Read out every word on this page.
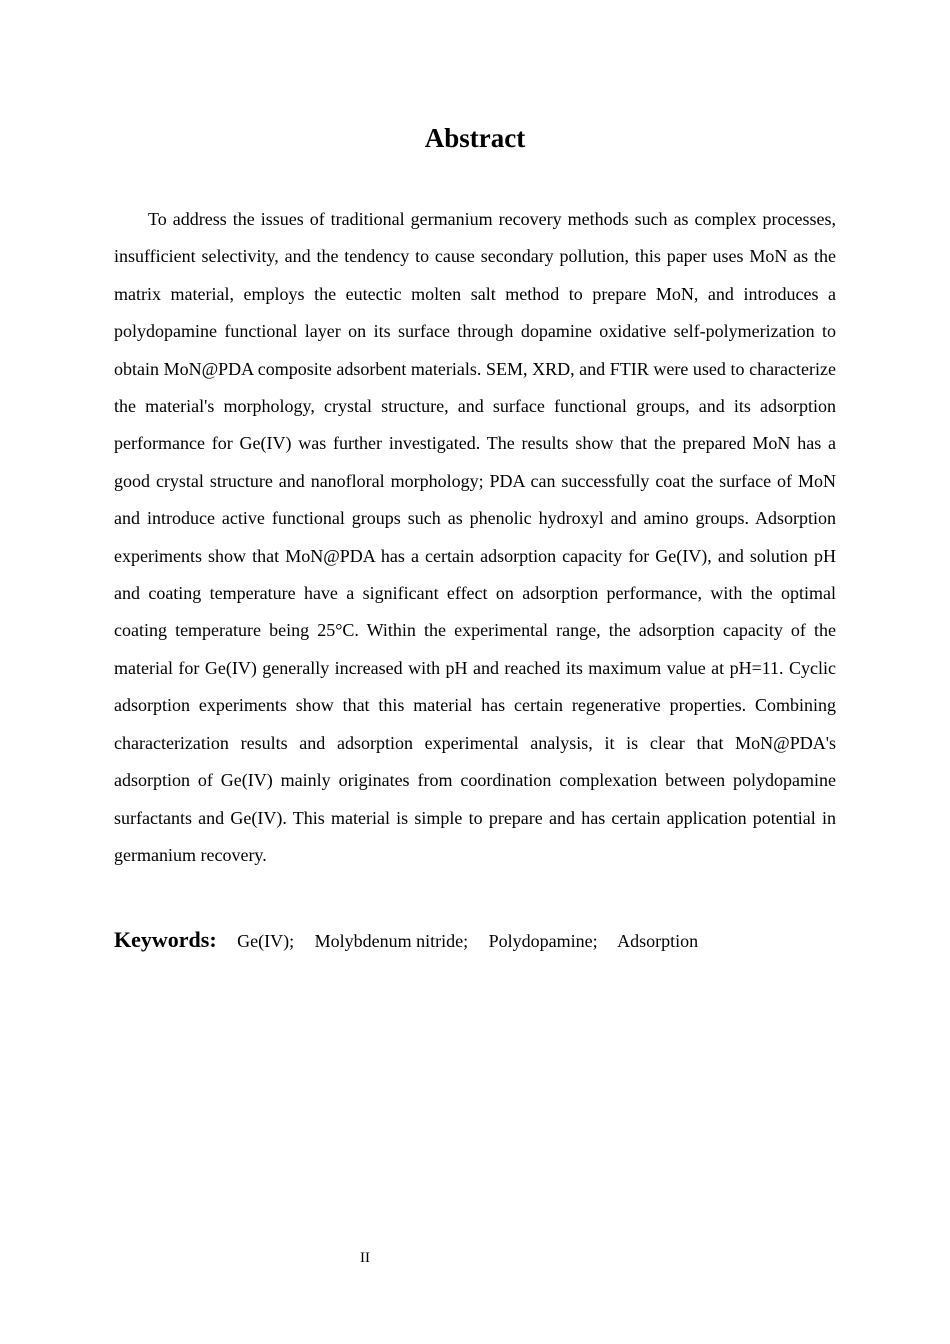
Abstract

To address the issues of traditional germanium recovery methods such as complex processes, insufficient selectivity, and the tendency to cause secondary pollution, this paper uses MoN as the matrix material, employs the eutectic molten salt method to prepare MoN, and introduces a polydopamine functional layer on its surface through dopamine oxidative self-polymerization to obtain MoN@PDA composite adsorbent materials. SEM, XRD, and FTIR were used to characterize the material's morphology, crystal structure, and surface functional groups, and its adsorption performance for Ge(IV) was further investigated. The results show that the prepared MoN has a good crystal structure and nanofloral morphology; PDA can successfully coat the surface of MoN and introduce active functional groups such as phenolic hydroxyl and amino groups. Adsorption experiments show that MoN@PDA has a certain adsorption capacity for Ge(IV), and solution pH and coating temperature have a significant effect on adsorption performance, with the optimal coating temperature being 25°C. Within the experimental range, the adsorption capacity of the material for Ge(IV) generally increased with pH and reached its maximum value at pH=11. Cyclic adsorption experiments show that this material has certain regenerative properties. Combining characterization results and adsorption experimental analysis, it is clear that MoN@PDA's adsorption of Ge(IV) mainly originates from coordination complexation between polydopamine surfactants and Ge(IV). This material is simple to prepare and has certain application potential in germanium recovery.

Keywords: Ge(IV); Molybdenum nitride; Polydopamine; Adsorption
II
